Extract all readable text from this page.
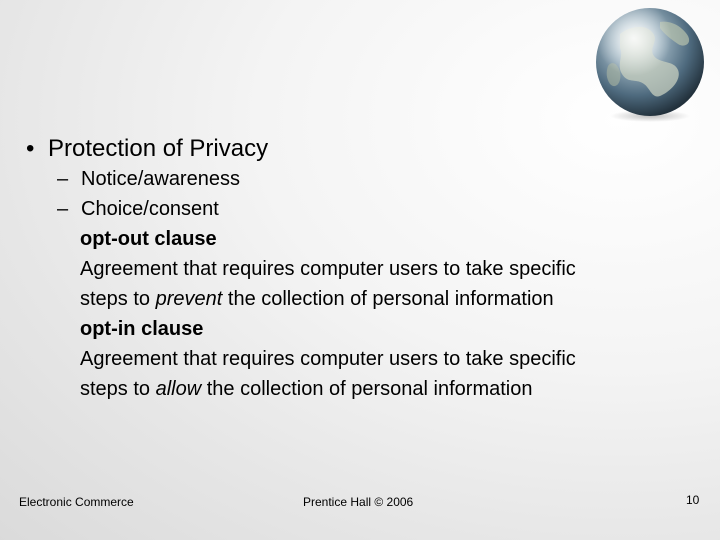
• Protection of Privacy
– Notice/awareness
– Choice/consent
opt-out clause
Agreement that requires computer users to take specific
steps to prevent the collection of personal information
opt-in clause
Agreement that requires computer users to take specific
steps to allow the collection of personal information
Electronic Commerce	Prentice Hall © 2006	10
